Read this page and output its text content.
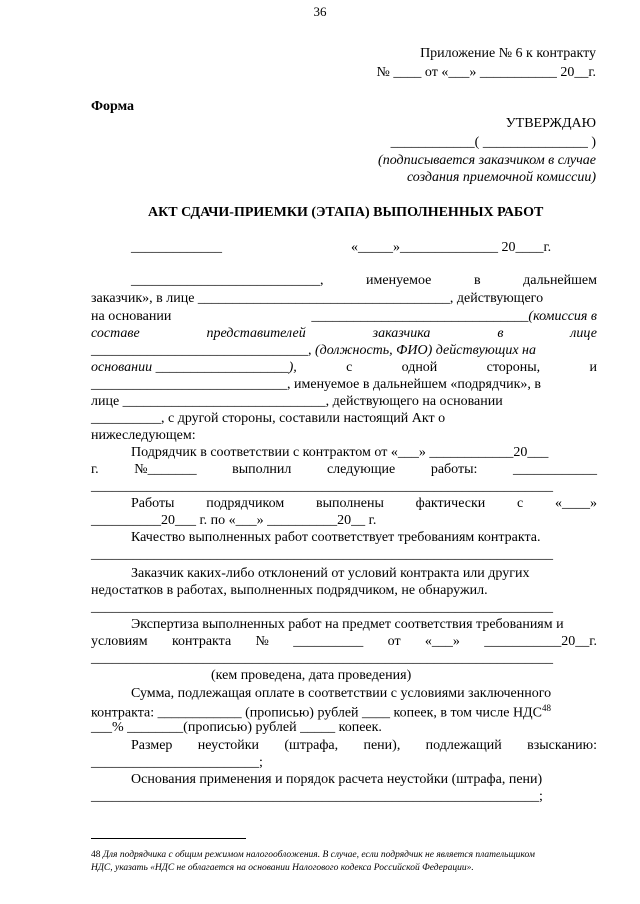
36
Приложение № 6 к контракту
№ ____ от «___» ___________ 20__г.
Форма
УТВЕРЖДАЮ
____________( _______________ )
(подписывается заказчиком в случае
создания приемочной комиссии)
АКТ СДАЧИ-ПРИЕМКИ (ЭТАПА) ВЫПОЛНЕННЫХ РАБОТ
_____________	«_____»______________ 20____г.
___________________________,	именуемое	в	дальнейшем
заказчик», в лице ____________________________________, действующего
на основании	_______________________________(комиссия в
составе	представителей	заказчика	в	лице
_______________________________, (должность, ФИО) действующих на
основании ___________________),	с	одной	стороны,	и
____________________________, именуемое в дальнейшем «подрядчик», в
лице _____________________________, действующего на основании
__________, с другой стороны, составили настоящий Акт о
нижеследующем:
Подрядчик в соответствии с контрактом от «___» ____________20___
г.	№_______	выполнил	следующие	работы:	____________
__________________________________________________________________
Работы подрядчиком выполнены фактически с «____»
__________20___ г. по «___» __________20__ г.
Качество выполненных работ соответствует требованиям контракта.
__________________________________________________________________
Заказчик каких-либо отклонений от условий контракта или других
недостатков в работах, выполненных подрядчиком, не обнаружил.
__________________________________________________________________
Экспертиза выполненных работ на предмет соответствия требованиям и
условиям контракта № __________ от «___» ___________20__г.
__________________________________________________________________
(кем проведена, дата проведения)
Сумма, подлежащая оплате в соответствии с условиями заключенного
контракта: ____________ (прописью) рублей ____ копеек, в том числе НДС$^{48}$
___% ________(прописью) рублей _____ копеек.
Размер неустойки (штрафа, пени), подлежащий взысканию:
________________________;
Основания применения и порядок расчета неустойки (штрафа, пени)
________________________________________________________________;
48 Для подрядчика с общим режимом налогообложения. В случае, если подрядчик не является плательщиком
НДС, указать «НДС не облагается на основании Налогового кодекса Российской Федерации».
